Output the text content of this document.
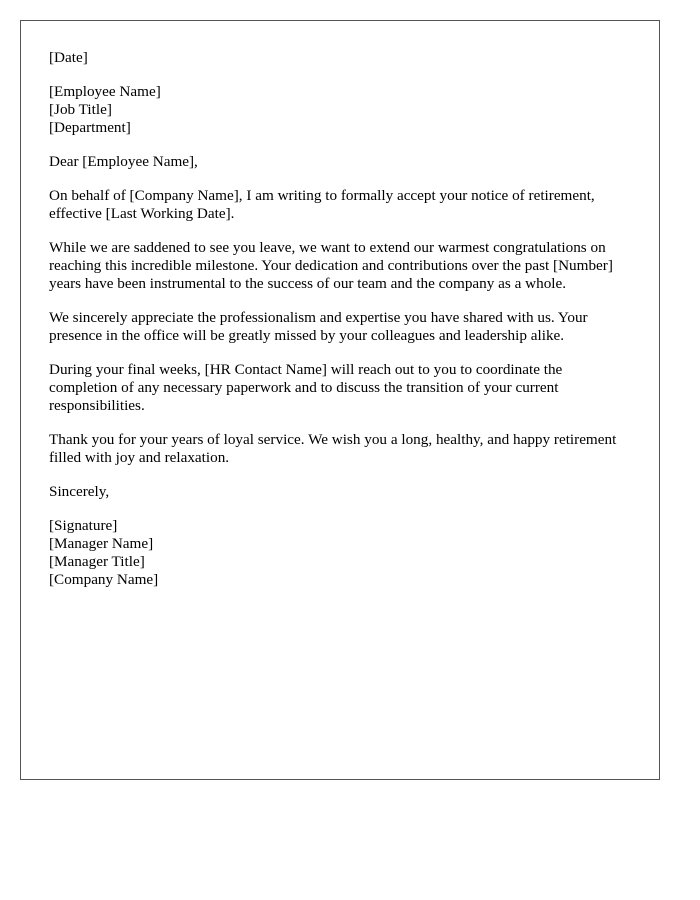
[Date]
[Employee Name]
[Job Title]
[Department]

Dear [Employee Name],

On behalf of [Company Name], I am writing to formally accept your notice of retirement, effective [Last Working Date].

While we are saddened to see you leave, we want to extend our warmest congratulations on reaching this incredible milestone. Your dedication and contributions over the past [Number] years have been instrumental to the success of our team and the company as a whole.

We sincerely appreciate the professionalism and expertise you have shared with us. Your presence in the office will be greatly missed by your colleagues and leadership alike.

During your final weeks, [HR Contact Name] will reach out to you to coordinate the completion of any necessary paperwork and to discuss the transition of your current responsibilities.

Thank you for your years of loyal service. We wish you a long, healthy, and happy retirement filled with joy and relaxation.

Sincerely,

[Signature]
[Manager Name]
[Manager Title]
[Company Name]
